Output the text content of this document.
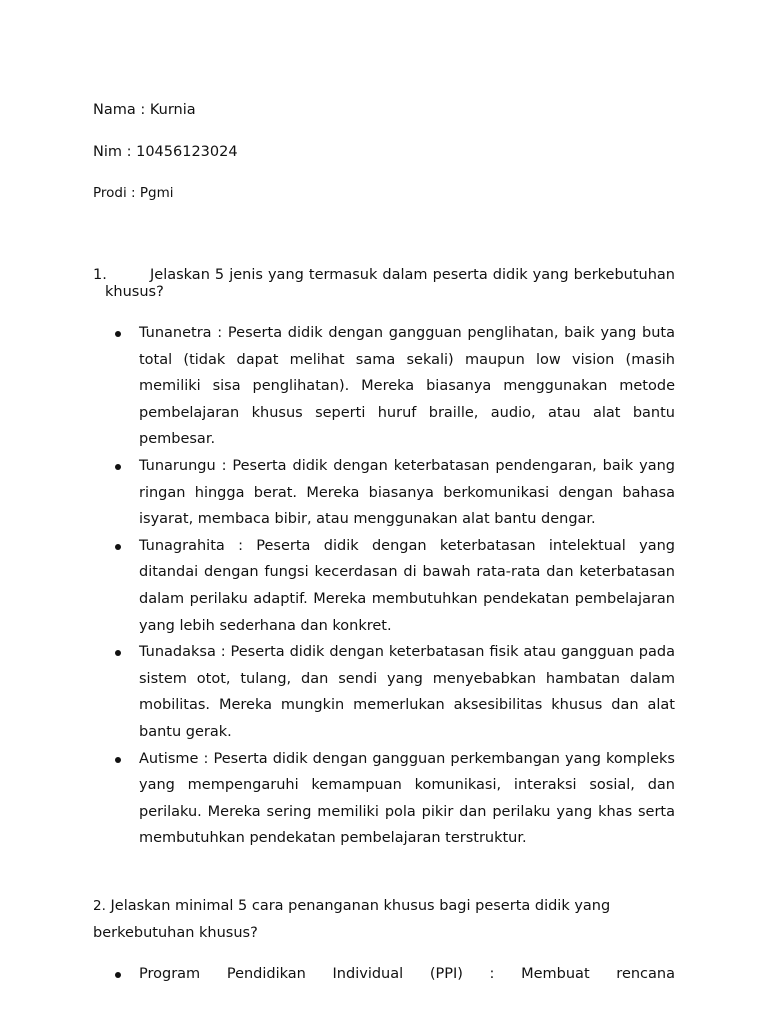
Nama : Kurnia
Nim : 10456123024
Prodi : Pgmi
1.	Jelaskan 5 jenis yang termasuk dalam peserta didik yang berkebutuhan khusus?
Tunanetra : Peserta didik dengan gangguan penglihatan, baik yang buta total (tidak dapat melihat sama sekali) maupun low vision (masih memiliki sisa penglihatan). Mereka biasanya menggunakan metode pembelajaran khusus seperti huruf braille, audio, atau alat bantu pembesar.
Tunarungu : Peserta didik dengan keterbatasan pendengaran, baik yang ringan hingga berat. Mereka biasanya berkomunikasi dengan bahasa isyarat, membaca bibir, atau menggunakan alat bantu dengar.
Tunagrahita : Peserta didik dengan keterbatasan intelektual yang ditandai dengan fungsi kecerdasan di bawah rata-rata dan keterbatasan dalam perilaku adaptif. Mereka membutuhkan pendekatan pembelajaran yang lebih sederhana dan konkret.
Tunadaksa : Peserta didik dengan keterbatasan fisik atau gangguan pada sistem otot, tulang, dan sendi yang menyebabkan hambatan dalam mobilitas. Mereka mungkin memerlukan aksesibilitas khusus dan alat bantu gerak.
Autisme : Peserta didik dengan gangguan perkembangan yang kompleks yang mempengaruhi kemampuan komunikasi, interaksi sosial, dan perilaku. Mereka sering memiliki pola pikir dan perilaku yang khas serta membutuhkan pendekatan pembelajaran terstruktur.
2. Jelaskan minimal 5 cara penanganan khusus bagi peserta didik yang berkebutuhan khusus?
Program Pendidikan Individual (PPI) : Membuat rencana
